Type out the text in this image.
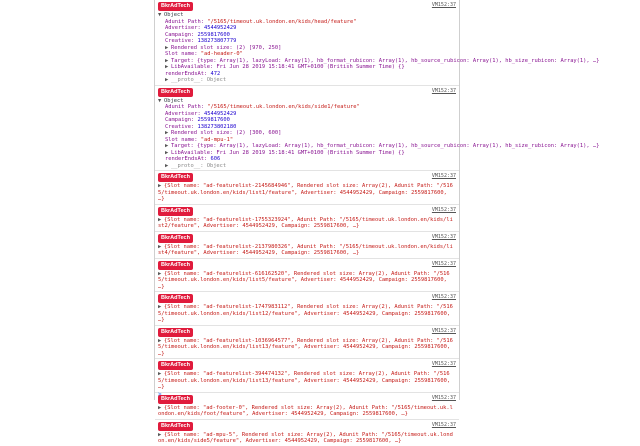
VM152:37
BkrAdTech
▼ Object
Adunit Path: "/5165/timeout.uk.london.en/kids/head/feature"
Advertiser: 4544952429
Campaign: 2559817600
Creative: 138273807779
▶ Rendered slot size: (2) [970, 250]
Slot name: "ad-header-0"
▶ Target: {type: Array(1), lazyLoad: Array(1), hb_format_rubicon: Array(1), hb_source_rubicon: Array(1), hb_size_rubicon: Array(1), …}
▶ LibAvailable: Fri Jun 28 2019 15:18:41 GMT+0100 (British Summer Time) {}
renderEndsAt: 472
▶ __proto__: Object
VM152:37
BkrAdTech
▼ Object
Adunit Path: "/5165/timeout.uk.london.en/kids/side1/feature"
Advertiser: 4544952429
Campaign: 2559817600
Creative: 138273802180
▶ Rendered slot size: (2) [300, 600]
Slot name: "ad-mpu-1"
▶ Target: {type: Array(1), lazyLoad: Array(1), hb_format_rubicon: Array(1), hb_source_rubicon: Array(1), hb_size_rubicon: Array(1), …}
▶ LibAvailable: Fri Jun 28 2019 15:18:41 GMT+0100 (British Summer Time) {}
renderEndsAt: 606
▶ __proto__: Object
VM152:37
BkrAdTech
▶ {Slot name: "ad-featurelist-2145684946", Rendered slot size: Array(2), Adunit Path: "/5165/timeout.uk.london.en/kids/list1/feature", Advertiser: 4544952429, Campaign: 2559817600, …}
VM152:37
BkrAdTech
▶ {Slot name: "ad-featurelist-1755323924", Adunit Path: "/5165/timeout.uk.london.en/kids/list2/feature", Advertiser: 4544952429, Campaign: 2559817600, …}
VM152:37
BkrAdTech
▶ {Slot name: "ad-featurelist-2137980326", Adunit Path: "/5165/timeout.uk.london.en/kids/list4/feature", Advertiser: 4544952429, Campaign: 2559817600, …}
VM152:37
BkrAdTech
▶ {Slot name: "ad-featurelist-616162520", Rendered slot size: Array(2), Adunit Path: "/5165/timeout.uk.london.en/kids/list5/feature", Advertiser: 4544952429, Campaign: 2559817600, …}
VM152:37
BkrAdTech
▶ {Slot name: "ad-featurelist-1747983112", Rendered slot size: Array(2), Adunit Path: "/5165/timeout.uk.london.en/kids/list12/feature", Advertiser: 4544952429, Campaign: 2559817600, …}
VM152:37
BkrAdTech
▶ {Slot name: "ad-featurelist-1036964577", Rendered slot size: Array(2), Adunit Path: "/5165/timeout.uk.london.en/kids/list13/feature", Advertiser: 4544952429, Campaign: 2559817600, …}
VM152:37
BkrAdTech
▶ {Slot name: "ad-featurelist-394474132", Rendered slot size: Array(2), Adunit Path: "/5165/timeout.uk.london.en/kids/list13/feature", Advertiser: 4544952429, Campaign: 2559817600, …}
VM152:37
BkrAdTech
▶ {Slot name: "ad-footer-0", Rendered slot size: Array(2), Adunit Path: "/5165/timeout.uk.london.en/kids/foot/feature", Advertiser: 4544952429, Campaign: 2559817600, …}
VM152:37
BkrAdTech
▶ {Slot name: "ad-mpu-5", Rendered slot size: Array(2), Adunit Path: "/5165/timeout.uk.london.en/kids/side5/feature", Advertiser: 4544952429, Campaign: 2559817600, …}
>
